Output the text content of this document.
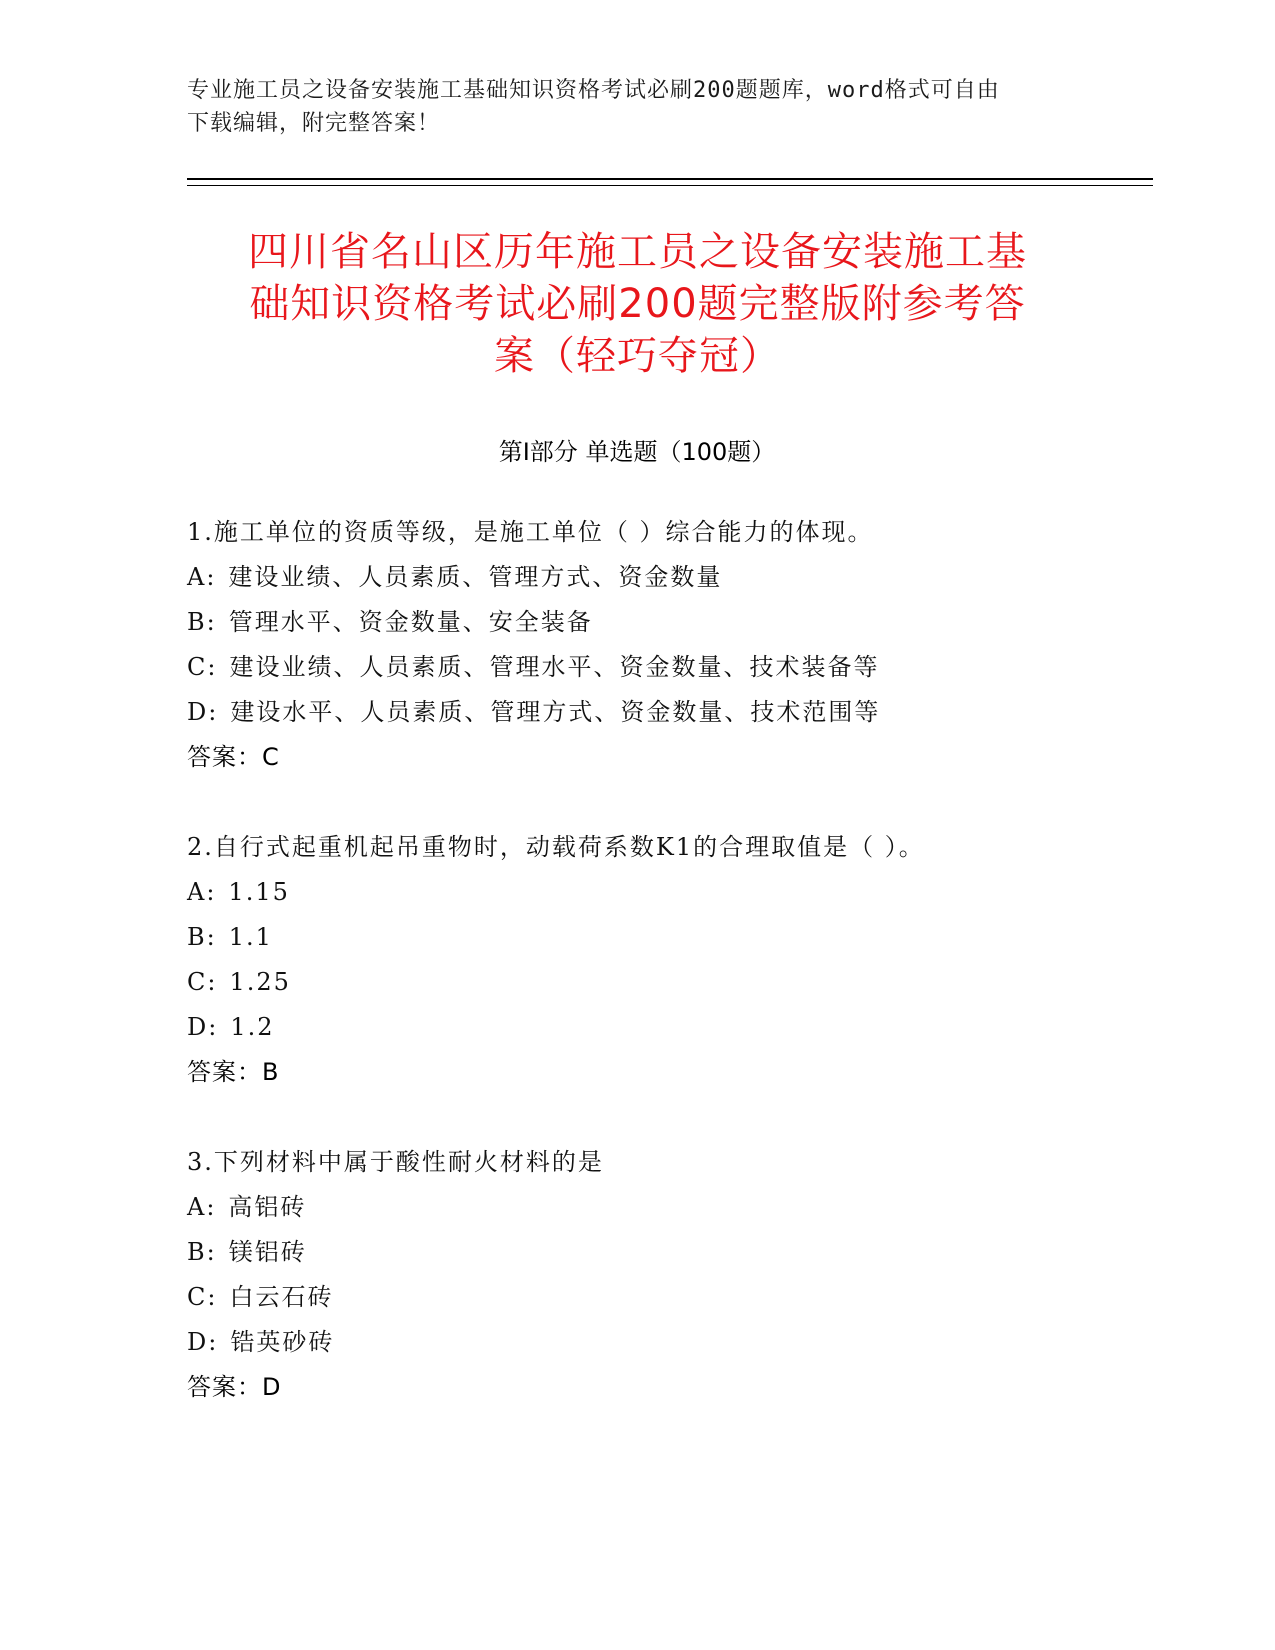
专业施工员之设备安装施工基础知识资格考试必刷200题题库，word格式可自由
下载编辑，附完整答案！
四川省名山区历年施工员之设备安装施工基
础知识资格考试必刷200题完整版附参考答
案（轻巧夺冠）
第Ⅰ部分 单选题（100题）
1.施工单位的资质等级，是施工单位（ ）综合能力的体现。
A: 建设业绩、人员素质、管理方式、资金数量
B: 管理水平、资金数量、安全装备
C: 建设业绩、人员素质、管理水平、资金数量、技术装备等
D: 建设水平、人员素质、管理方式、资金数量、技术范围等
答案：C
2.自行式起重机起吊重物时，动载荷系数K1的合理取值是（ ）。
A: 1.15
B: 1.1
C: 1.25
D: 1.2
答案：B
3.下列材料中属于酸性耐火材料的是
A: 高铝砖
B: 镁铝砖
C: 白云石砖
D: 锆英砂砖
答案：D
